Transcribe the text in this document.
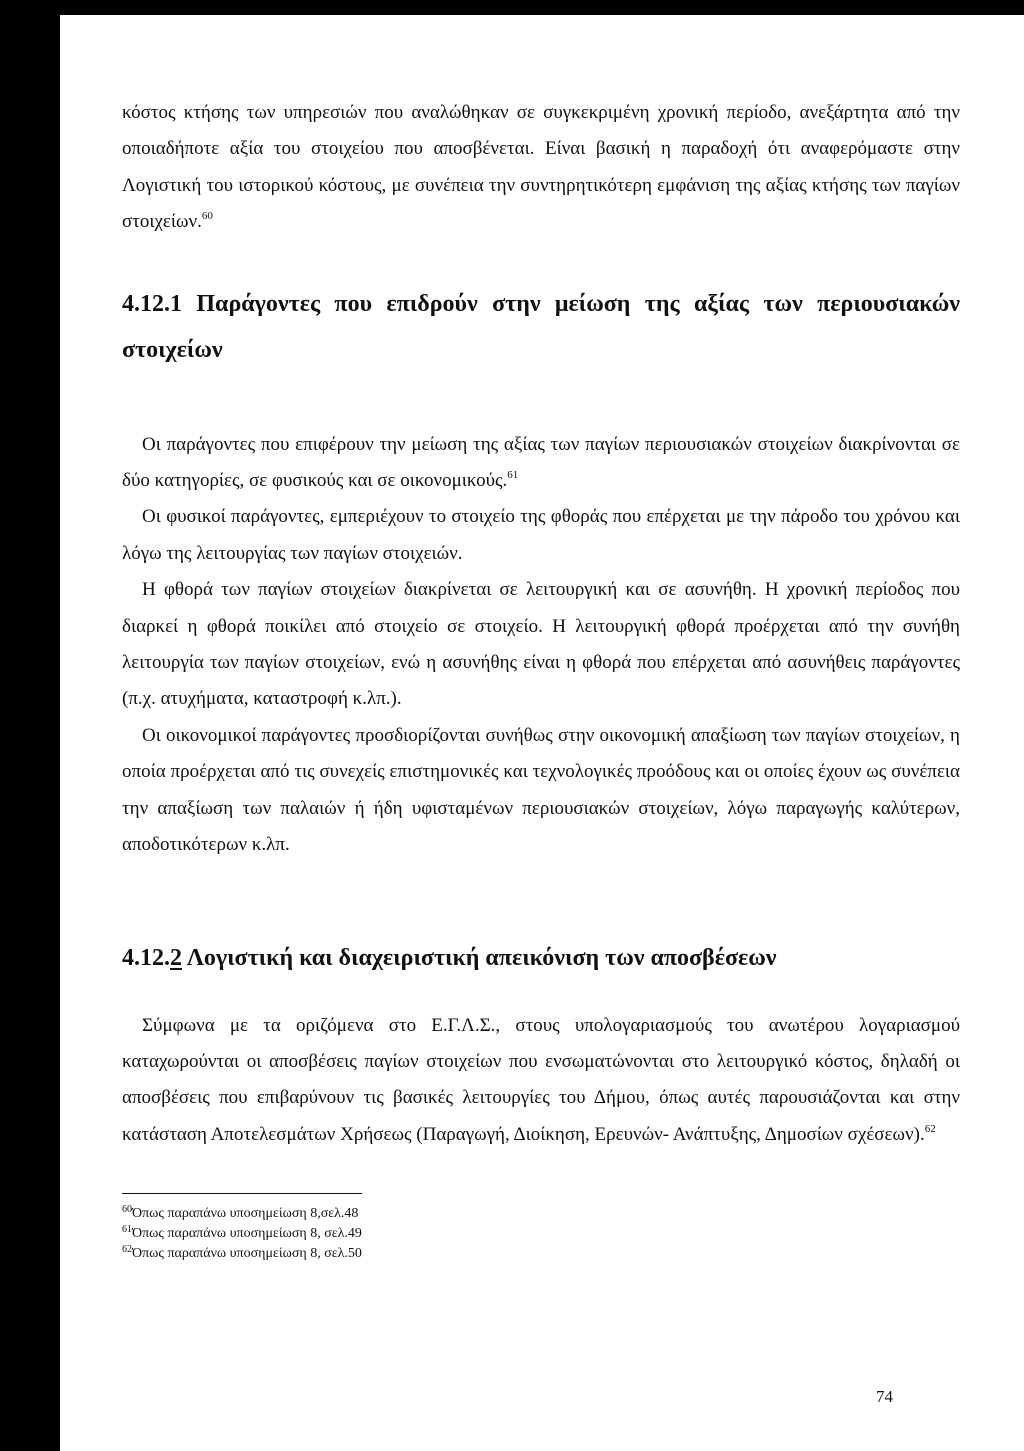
κόστος κτήσης των υπηρεσιών που αναλώθηκαν σε συγκεκριμένη χρονική περίοδο, ανεξάρτητα από την οποιαδήποτε αξία του στοιχείου που αποσβένεται. Είναι βασική η παραδοχή ότι αναφερόμαστε στην Λογιστική του ιστορικού κόστους, με συνέπεια την συντηρητικότερη εμφάνιση της αξίας κτήσης των παγίων στοιχείων.$^{60}$

4.12.1 Παράγοντες που επιδρούν στην μείωση της αξίας των περιουσιακών στοιχείων

Οι παράγοντες που επιφέρουν την μείωση της αξίας των παγίων περιουσιακών στοιχείων διακρίνονται σε δύο κατηγορίες, σε φυσικούς και σε οικονομικούς.$^{61}$

Οι φυσικοί παράγοντες, εμπεριέχουν το στοιχείο της φθοράς που επέρχεται με την πάροδο του χρόνου και λόγω της λειτουργίας των παγίων στοιχειών.

Η φθορά των παγίων στοιχείων διακρίνεται σε λειτουργική και σε ασυνήθη. Η χρονική περίοδος που διαρκεί η φθορά ποικίλει από στοιχείο σε στοιχείο. Η λειτουργική φθορά προέρχεται από την συνήθη λειτουργία των παγίων στοιχείων, ενώ η ασυνήθης είναι η φθορά που επέρχεται από ασυνήθεις παράγοντες (π.χ. ατυχήματα, καταστροφή κ.λπ.).

Οι οικονομικοί παράγοντες προσδιορίζονται συνήθως στην οικονομική απαξίωση των παγίων στοιχείων, η οποία προέρχεται από τις συνεχείς επιστημονικές και τεχνολογικές προόδους και οι οποίες έχουν ως συνέπεια την απαξίωση των παλαιών ή ήδη υφισταμένων περιουσιακών στοιχείων, λόγω παραγωγής καλύτερων, αποδοτικότερων κ.λπ.

4.12.2 Λογιστική και διαχειριστική απεικόνιση των αποσβέσεων

Σύμφωνα με τα οριζόμενα στο Ε.Γ.Λ.Σ., στους υπολογαριασμούς του ανωτέρου λογαριασμού καταχωρούνται οι αποσβέσεις παγίων στοιχείων που ενσωματώνονται στο λειτουργικό κόστος, δηλαδή οι αποσβέσεις που επιβαρύνουν τις βασικές λειτουργίες του Δήμου, όπως αυτές παρουσιάζονται και στην κατάσταση Αποτελεσμάτων Χρήσεως (Παραγωγή, Διοίκηση, Ερευνών- Ανάπτυξης, Δημοσίων σχέσεων).$^{62}$

$^{60}$Όπως παραπάνω υποσημείωση 8,σελ.48
$^{61}$Όπως παραπάνω υποσημείωση 8, σελ.49
$^{62}$Όπως παραπάνω υποσημείωση 8, σελ.50
74
